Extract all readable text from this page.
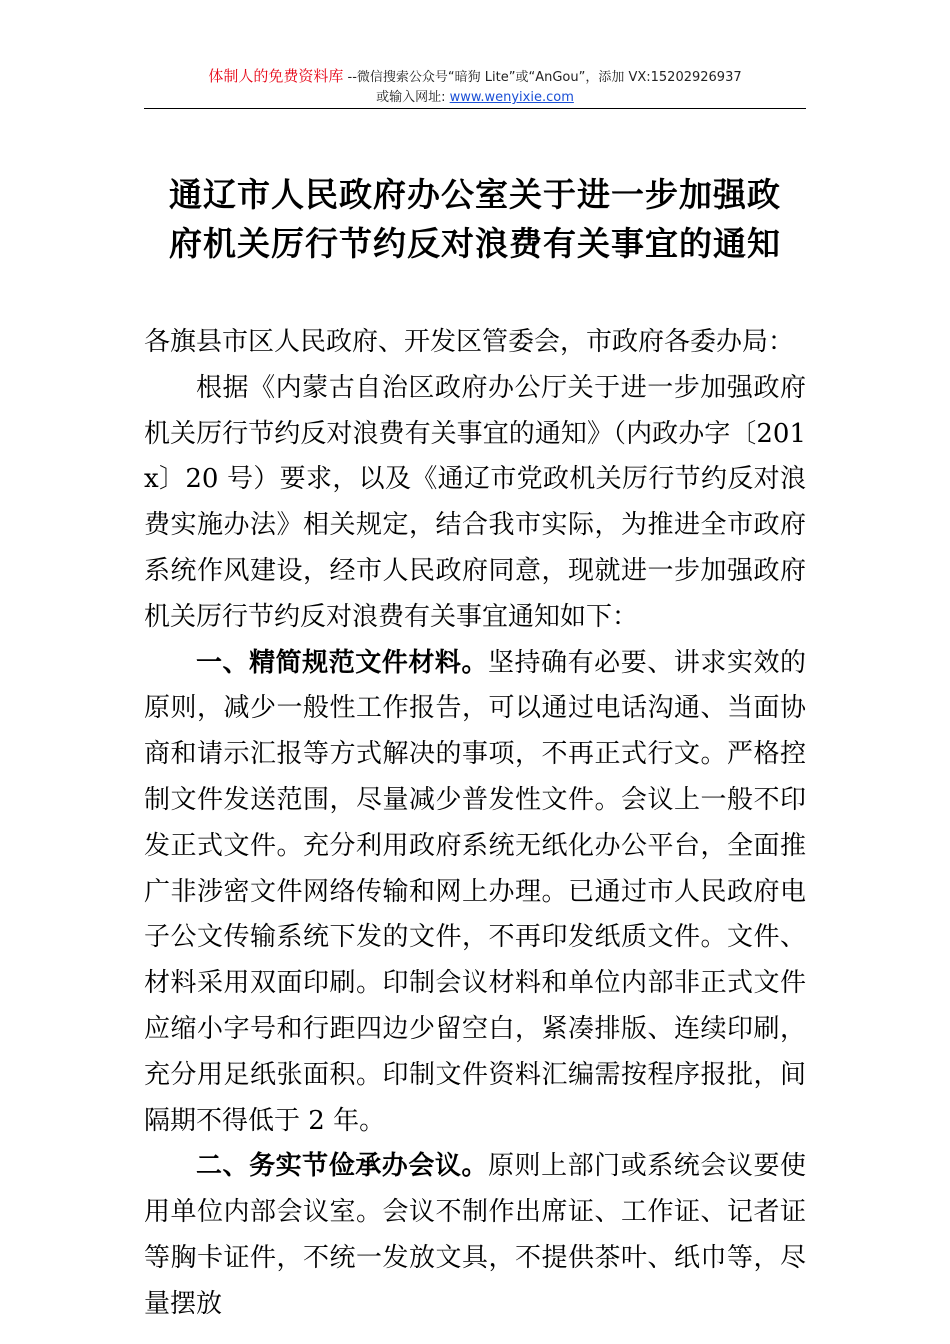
体制人的免费资料库 --微信搜索公众号“暗狗 Lite”或“AnGou”，添加 VX:15202926937
或输入网址: www.wenyixie.com
通辽市人民政府办公室关于进一步加强政
府机关厉行节约反对浪费有关事宜的通知

各旗县市区人民政府、开发区管委会，市政府各委办局：

根据《内蒙古自治区政府办公厅关于进一步加强政府机关厉行节约反对浪费有关事宜的通知》（内政办字〔201x〕20 号）要求，以及《通辽市党政机关厉行节约反对浪费实施办法》相关规定，结合我市实际，为推进全市政府系统作风建设，经市人民政府同意，现就进一步加强政府机关厉行节约反对浪费有关事宜通知如下：

一、精简规范文件材料。坚持确有必要、讲求实效的原则，减少一般性工作报告，可以通过电话沟通、当面协商和请示汇报等方式解决的事项，不再正式行文。严格控制文件发送范围，尽量减少普发性文件。会议上一般不印发正式文件。充分利用政府系统无纸化办公平台，全面推广非涉密文件网络传输和网上办理。已通过市人民政府电子公文传输系统下发的文件，不再印发纸质文件。文件、材料采用双面印刷。印制会议材料和单位内部非正式文件应缩小字号和行距四边少留空白，紧凑排版、连续印刷，充分用足纸张面积。印制文件资料汇编需按程序报批，间隔期不得低于 2 年。

二、务实节俭承办会议。原则上部门或系统会议要使用单位内部会议室。会议不制作出席证、工作证、记者证等胸卡证件，不统一发放文具，不提供茶叶、纸巾等，尽量摆放
